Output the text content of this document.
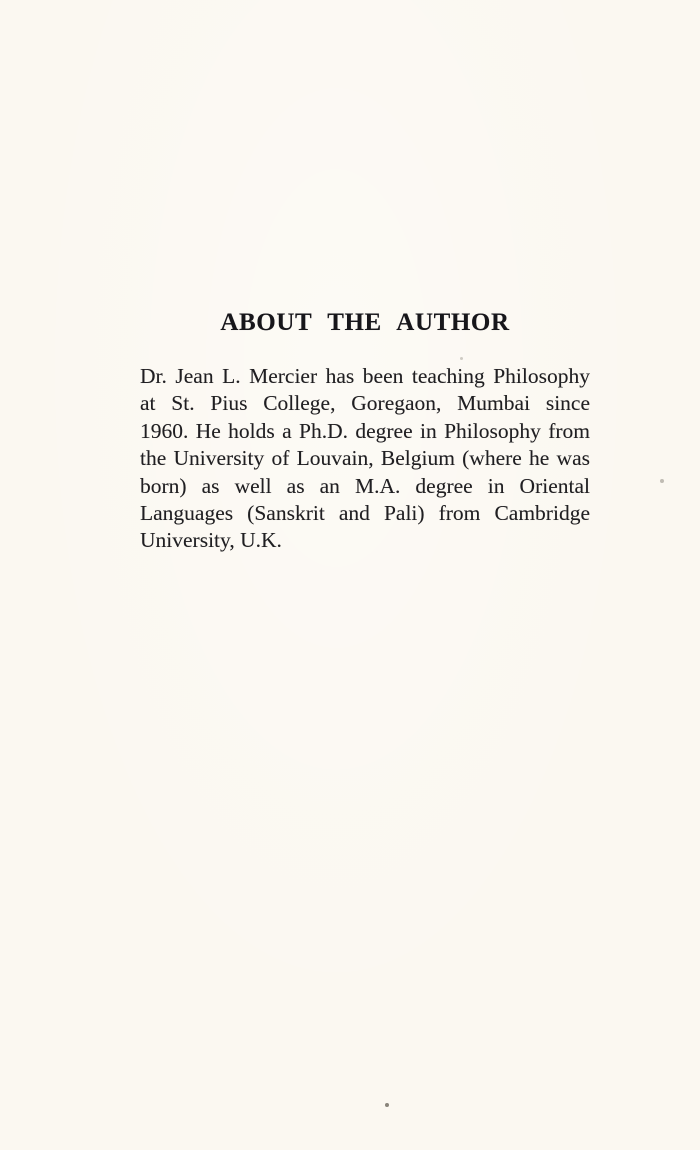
ABOUT THE AUTHOR
Dr. Jean L. Mercier has been teaching Philosophy
at St. Pius College, Goregaon, Mumbai since
1960. He holds a Ph.D. degree in Philosophy from
the University of Louvain, Belgium (where he was
born) as well as an M.A. degree in Oriental
Languages (Sanskrit and Pali) from Cambridge
University, U.K.
